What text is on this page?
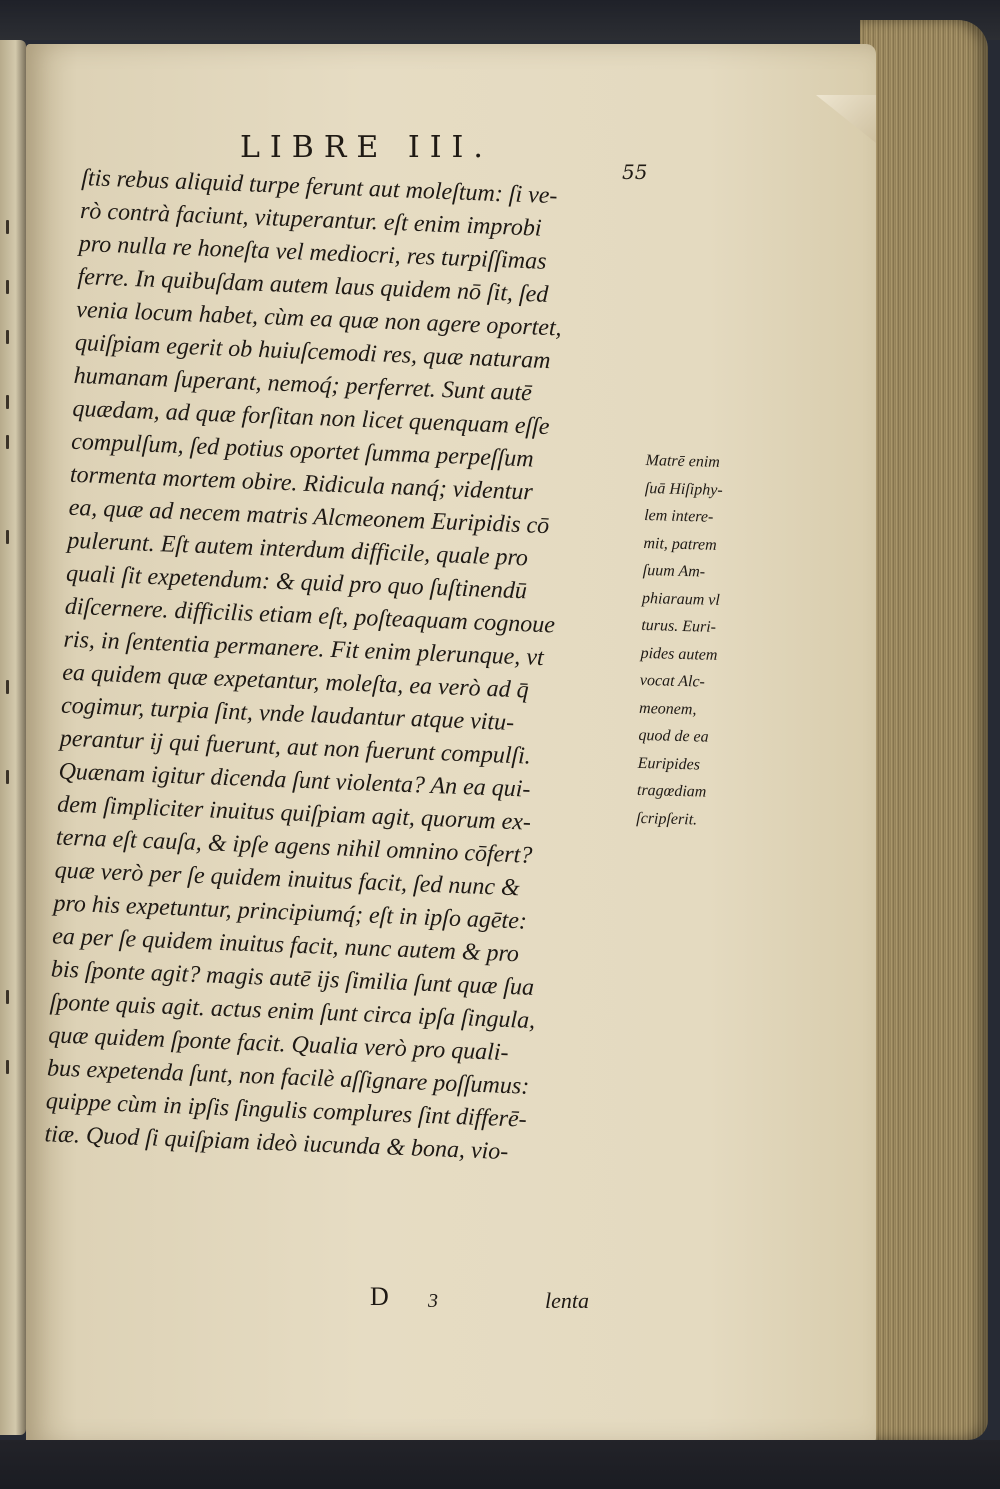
LIBRE III.
55
ſtis rebus aliquid turpe ferunt aut moleſtum: ſi ve-
rò contrà faciunt, vituperantur. eſt enim improbi
pro nulla re honeſta vel mediocri, res turpiſſimas
ferre. In quibuſdam autem laus quidem nō ſit, ſed
venia locum habet, cùm ea quæ non agere oportet,
quiſpiam egerit ob huiuſcemodi res, quæ naturam
humanam ſuperant, nemoq́; perferret. Sunt autē
quædam, ad quæ forſitan non licet quenquam eſſe
compulſum, ſed potius oportet ſumma perpeſſum
tormenta mortem obire. Ridicula nanq́; videntur
ea, quæ ad necem matris Alcmeonem Euripidis cō
pulerunt. Eſt autem interdum difficile, quale pro
quali ſit expetendum: & quid pro quo ſuſtinendū
diſcernere. difficilis etiam eſt, poſteaquam cognoue
ris, in ſententia permanere. Fit enim plerunque, vt
ea quidem quæ expetantur, moleſta, ea verò ad q̄
cogimur, turpia ſint, vnde laudantur atque vitu-
perantur ij qui fuerunt, aut non fuerunt compulſi.
Quænam igitur dicenda ſunt violenta? An ea qui-
dem ſimpliciter inuitus quiſpiam agit, quorum ex-
terna eſt cauſa, & ipſe agens nihil omnino cōfert?
quæ verò per ſe quidem inuitus facit, ſed nunc &
pro his expetuntur, principiumq́; eſt in ipſo agēte:
ea per ſe quidem inuitus facit, nunc autem & pro
bis ſponte agit? magis autē ijs ſimilia ſunt quæ ſua
ſponte quis agit. actus enim ſunt circa ipſa ſingula,
quæ quidem ſponte facit. Qualia verò pro quali-
bus expetenda ſunt, non facilè aſſignare poſſumus:
quippe cùm in ipſis ſingulis complures ſint differē-
tiæ. Quod ſi quiſpiam ideò iucunda & bona, vio-
Matrē enim
ſuā Hiſiphy-
lem intere-
mit, patrem
ſuum Am-
phiaraum vl
turus. Euri-
pides autem
vocat Alc-
meonem,
quod de ea
Euripides
tragœdiam
ſcripſerit.
D 3	lenta
